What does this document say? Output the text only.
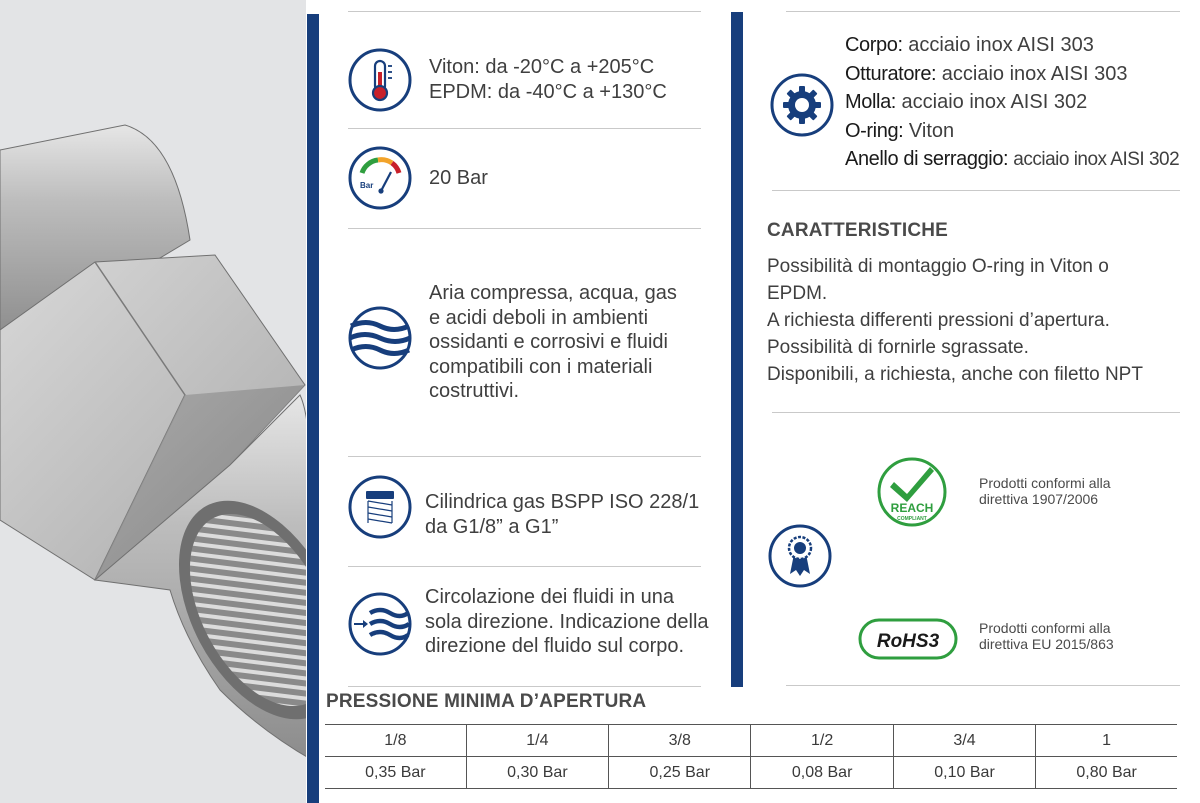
Viton: da -20°C a +205°C
EPDM: da -40°C a +130°C
Bar	20 Bar
Aria compressa, acqua, gas
e acidi deboli in ambienti
ossidanti e corrosivi e fluidi
compatibili con i materiali
costruttivi.
Cilindrica gas BSPP ISO 228/1
da G1/8” a G1”
Circolazione dei fluidi in una
sola direzione. Indicazione della
direzione del fluido sul corpo.
Corpo: acciaio inox AISI 303
Otturatore: acciaio inox AISI 303
Molla: acciaio inox AISI 302
O-ring: Viton
Anello di serraggio: acciaio inox AISI 302
CARATTERISTICHE
Possibilità di montaggio O-ring in Viton o
EPDM.
A richiesta differenti pressioni d’apertura.
Possibilità di fornirle sgrassate.
Disponibili, a richiesta, anche con filetto NPT
REACH
COMPLIANT
Prodotti conformi alla
direttiva 1907/2006
RoHS3
Prodotti conformi alla
direttiva EU 2015/863
PRESSIONE MINIMA D’APERTURA
1/8	1/4	3/8	1/2	3/4	1
0,35 Bar	0,30 Bar	0,25 Bar	0,08 Bar	0,10 Bar	0,80 Bar
